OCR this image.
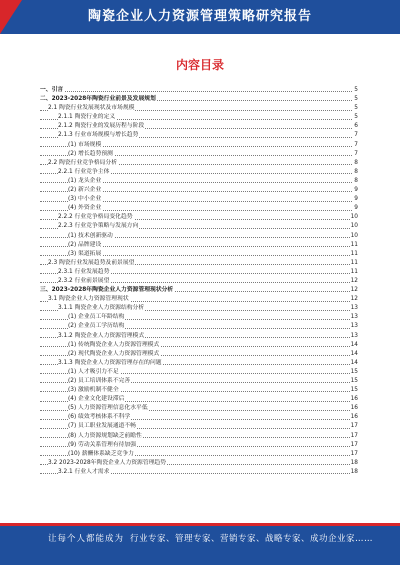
陶瓷企业人力资源管理策略研究报告
内容目录
一、引言	5
二、2023-2028年陶瓷行业前景及发展规划	5
2.1 陶瓷行业发展现状及市场规模	5
2.1.1 陶瓷行业的定义	5
2.1.2 陶瓷行业的发展历程与阶段	6
2.1.3 行业市场规模与增长趋势	7
(1) 市场规模	7
(2) 增长趋势预测	7
2.2 陶瓷行业竞争格局分析	8
2.2.1 行业竞争主体	8
(1) 龙头企业	8
(2) 新兴企业	9
(3) 中小企业	9
(4) 外资企业	9
2.2.2 行业竞争格局变化趋势	10
2.2.3 行业竞争策略与发展方向	10
(1) 技术创新驱动	10
(2) 品牌建设	11
(3) 渠道拓展	11
2.3 陶瓷行业发展趋势及前景展望	11
2.3.1 行业发展趋势	11
2.3.2 行业前景展望	12
三、2023-2028年陶瓷企业人力资源管理现状分析	12
3.1 陶瓷企业人力资源管理现状	12
3.1.1 陶瓷企业人力资源结构分析	13
(1) 企业员工年龄结构	13
(2) 企业员工学历结构	13
3.1.2 陶瓷企业人力资源管理模式	13
(1) 传统陶瓷企业人力资源管理模式	14
(2) 现代陶瓷企业人力资源管理模式	14
3.1.3 陶瓷企业人力资源管理存在的问题	14
(1) 人才吸引力不足	15
(2) 员工培训体系不完善	15
(3) 激励机制不健全	15
(4) 企业文化建设滞后	16
(5) 人力资源管理信息化水平低	16
(6) 绩效考核体系不科学	16
(7) 员工职业发展通道不畅	17
(8) 人力资源规划缺乏前瞻性	17
(9) 劳动关系管理有待加强	17
(10) 薪酬体系缺乏竞争力	17
3.2 2023-2028年陶瓷企业人力资源管理趋势	18
3.2.1 行业人才需求	18
让每个人都能成为 行业专家、管理专家、营销专家、战略专家、成功企业家……
